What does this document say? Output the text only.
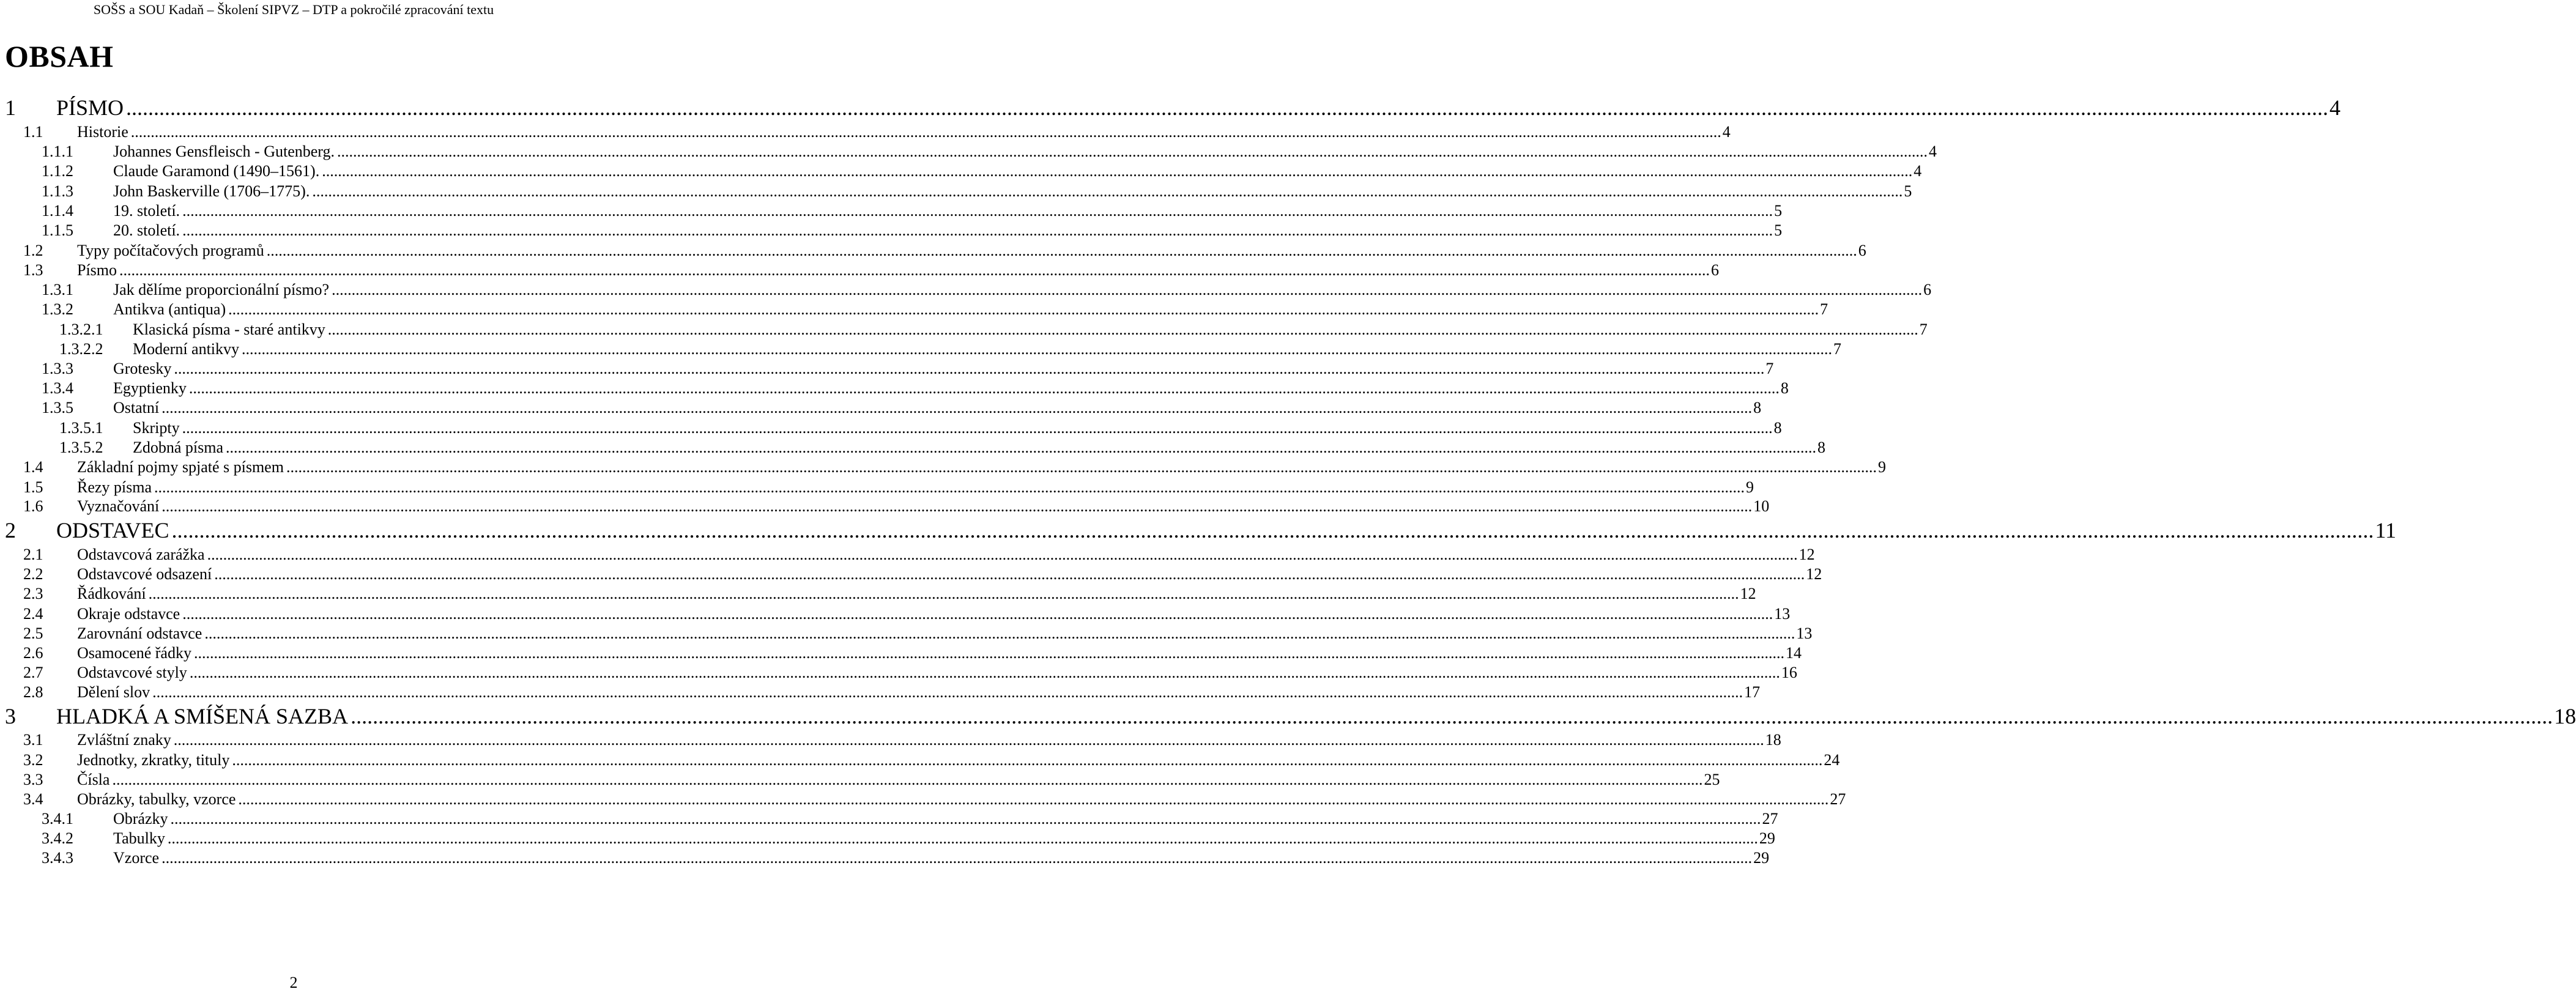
SOŠS a SOU Kadaň – Školení SIPVZ – DTP a pokročilé zpracování textu
OBSAH
1	PÍSMO ................................................................................................................................................................................................................................................................................................................................................................................................................ 4
1.1	Historie ................................................................................................................................................................................................................................................................................................................................................................................................................ 4
1.1.1	Johannes Gensfleisch - Gutenberg. ................................................................................................................................................................................................................................................................................................................................................................................................................ 4
1.1.2	Claude Garamond (1490–1561). ................................................................................................................................................................................................................................................................................................................................................................................................................ 4
1.1.3	John Baskerville (1706–1775). ................................................................................................................................................................................................................................................................................................................................................................................................................ 5
1.1.4	19. století. ................................................................................................................................................................................................................................................................................................................................................................................................................ 5
1.1.5	20. století. ................................................................................................................................................................................................................................................................................................................................................................................................................ 5
1.2	Typy počítačových programů ................................................................................................................................................................................................................................................................................................................................................................................................................ 6
1.3	Písmo ................................................................................................................................................................................................................................................................................................................................................................................................................ 6
1.3.1	Jak dělíme proporcionální písmo? ................................................................................................................................................................................................................................................................................................................................................................................................................ 6
1.3.2	Antikva (antiqua) ................................................................................................................................................................................................................................................................................................................................................................................................................ 7
1.3.2.1	Klasická písma - staré antikvy ................................................................................................................................................................................................................................................................................................................................................................................................................ 7
1.3.2.2	Moderní antikvy ................................................................................................................................................................................................................................................................................................................................................................................................................ 7
1.3.3	Grotesky ................................................................................................................................................................................................................................................................................................................................................................................................................ 7
1.3.4	Egyptienky ................................................................................................................................................................................................................................................................................................................................................................................................................ 8
1.3.5	Ostatní ................................................................................................................................................................................................................................................................................................................................................................................................................ 8
1.3.5.1	Skripty ................................................................................................................................................................................................................................................................................................................................................................................................................ 8
1.3.5.2	Zdobná písma ................................................................................................................................................................................................................................................................................................................................................................................................................ 8
1.4	Základní pojmy spjaté s písmem ................................................................................................................................................................................................................................................................................................................................................................................................................ 9
1.5	Řezy písma ................................................................................................................................................................................................................................................................................................................................................................................................................ 9
1.6	Vyznačování ................................................................................................................................................................................................................................................................................................................................................................................................................ 10
2	ODSTAVEC ................................................................................................................................................................................................................................................................................................................................................................................................................ 11
2.1	Odstavcová zarážka ................................................................................................................................................................................................................................................................................................................................................................................................................ 12
2.2	Odstavcové odsazení ................................................................................................................................................................................................................................................................................................................................................................................................................ 12
2.3	Řádkování ................................................................................................................................................................................................................................................................................................................................................................................................................ 12
2.4	Okraje odstavce ................................................................................................................................................................................................................................................................................................................................................................................................................ 13
2.5	Zarovnání odstavce ................................................................................................................................................................................................................................................................................................................................................................................................................ 13
2.6	Osamocené řádky ................................................................................................................................................................................................................................................................................................................................................................................................................ 14
2.7	Odstavcové styly ................................................................................................................................................................................................................................................................................................................................................................................................................ 16
2.8	Dělení slov ................................................................................................................................................................................................................................................................................................................................................................................................................ 17
3	HLADKÁ A SMÍŠENÁ SAZBA ................................................................................................................................................................................................................................................................................................................................................................................................................ 18
3.1	Zvláštní znaky ................................................................................................................................................................................................................................................................................................................................................................................................................ 18
3.2	Jednotky, zkratky, tituly ................................................................................................................................................................................................................................................................................................................................................................................................................ 24
3.3	Čísla ................................................................................................................................................................................................................................................................................................................................................................................................................ 25
3.4	Obrázky, tabulky, vzorce ................................................................................................................................................................................................................................................................................................................................................................................................................ 27
3.4.1	Obrázky ................................................................................................................................................................................................................................................................................................................................................................................................................ 27
3.4.2	Tabulky ................................................................................................................................................................................................................................................................................................................................................................................................................ 29
3.4.3	Vzorce ................................................................................................................................................................................................................................................................................................................................................................................................................ 29
2
